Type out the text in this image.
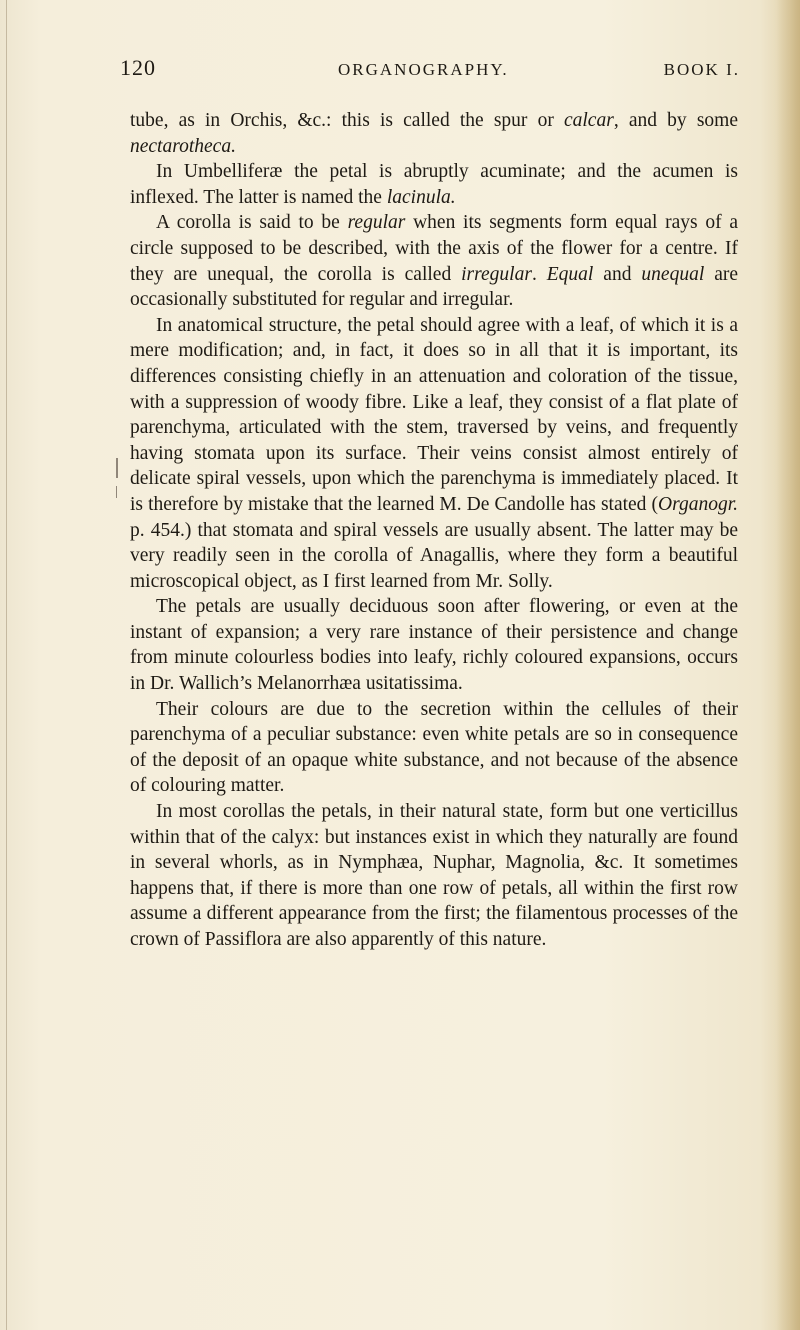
120	ORGANOGRAPHY.	BOOK I.

tube, as in Orchis, &c.: this is called the spur or calcar, and by some nectarotheca.

In Umbelliferæ the petal is abruptly acuminate; and the acumen is inflexed. The latter is named the lacinula.

A corolla is said to be regular when its segments form equal rays of a circle supposed to be described, with the axis of the flower for a centre. If they are unequal, the corolla is called irregular. Equal and unequal are occasionally substituted for regular and irregular.

In anatomical structure, the petal should agree with a leaf, of which it is a mere modification; and, in fact, it does so in all that it is important, its differences consisting chiefly in an attenuation and coloration of the tissue, with a suppression of woody fibre. Like a leaf, they consist of a flat plate of parenchyma, articulated with the stem, traversed by veins, and frequently having stomata upon its surface. Their veins consist almost entirely of delicate spiral vessels, upon which the parenchyma is immediately placed. It is therefore by mistake that the learned M. De Candolle has stated (Organogr. p. 454.) that stomata and spiral vessels are usually absent. The latter may be very readily seen in the corolla of Anagallis, where they form a beautiful microscopical object, as I first learned from Mr. Solly.

The petals are usually deciduous soon after flowering, or even at the instant of expansion; a very rare instance of their persistence and change from minute colourless bodies into leafy, richly coloured expansions, occurs in Dr. Wallich’s Melanorrhæa usitatissima.

Their colours are due to the secretion within the cellules of their parenchyma of a peculiar substance: even white petals are so in consequence of the deposit of an opaque white substance, and not because of the absence of colouring matter.

In most corollas the petals, in their natural state, form but one verticillus within that of the calyx: but instances exist in which they naturally are found in several whorls, as in Nymphæa, Nuphar, Magnolia, &c. It sometimes happens that, if there is more than one row of petals, all within the first row assume a different appearance from the first; the filamentous processes of the crown of Passiflora are also apparently of this nature.
